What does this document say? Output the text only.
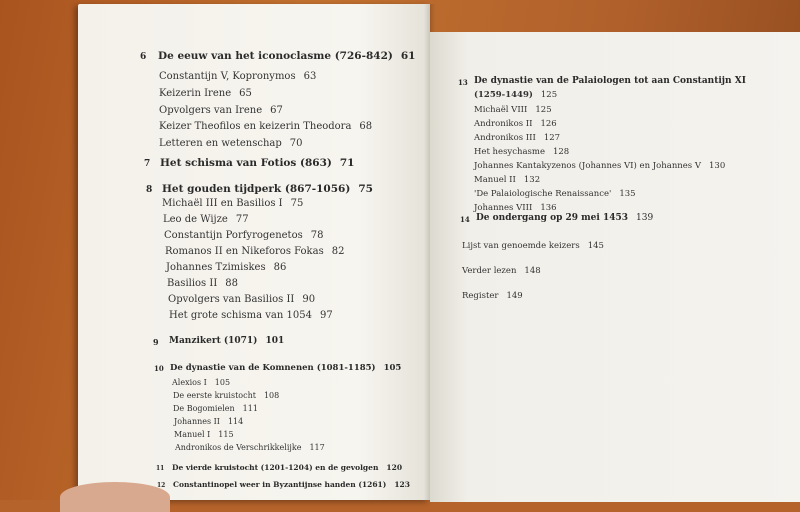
6 De eeuw van het iconoclasme (726-842) 61
Constantijn V, Kopronymos 63
Keizerin Irene 65
Opvolgers van Irene 67
Keizer Theofilos en keizerin Theodora 68
Letteren en wetenschap 70
7 Het schisma van Fotios (863) 71
8 Het gouden tijdperk (867-1056) 75
Michaël III en Basilios I 75
Leo de Wijze 77
Constantijn Porfyrogenetos 78
Romanos II en Nikeforos Fokas 82
Johannes Tzimiskes 86
Basilios II 88
Opvolgers van Basilios II 90
Het grote schisma van 1054 97
9 Manzikert (1071) 101
10 De dynastie van de Komnenen (1081-1185) 105
Alexios I 105
De eerste kruistocht 108
De Bogomielen 111
Johannes II 114
Manuel I 115
Andronikos de Verschrikkelijke 117
11 De vierde kruistocht (1201-1204) en de gevolgen 120
12 Constantinopel weer in Byzantijnse handen (1261) 123
13 De dynastie van de Palaiologen tot aan Constantijn XI
(1259-1449) 125
Michaël VIII 125
Andronikos II 126
Andronikos III 127
Het hesychasme 128
Johannes Kantakyzenos (Johannes VI) en Johannes V 130
Manuel II 132
'De Palaiologische Renaissance' 135
Johannes VIII 136
14 De ondergang op 29 mei 1453 139
Lijst van genoemde keizers 145
Verder lezen 148
Register 149
